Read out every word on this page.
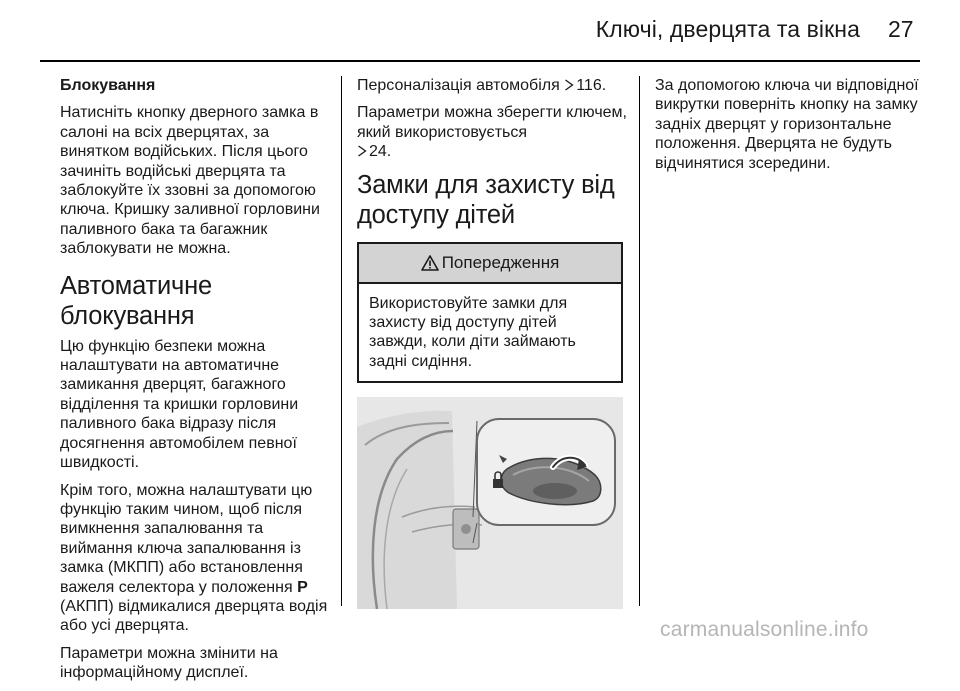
Ключі, дверцята та вікна 27

Блокування

Натисніть кнопку дверного замка в салоні на всіх дверцятах, за винятком водійських. Після цього зачиніть водійські дверцята та заблокуйте їх ззовні за допомогою ключа. Кришку заливної горловини паливного бака та багажник заблокувати не можна.

Автоматичне блокування

Цю функцію безпеки можна налаштувати на автоматичне замикання дверцят, багажного відділення та кришки горловини паливного бака відразу після досягнення автомобілем певної швидкості.

Крім того, можна налаштувати цю функцію таким чином, щоб після вимкнення запалювання та виймання ключа запалювання із замка (МКПП) або встановлення важеля селектора у положення P (АКПП) відмикалися дверцята водія або усі дверцята.

Параметри можна змінити на інформаційному дисплеї.

Персоналізація автомобіля 116.

Параметри можна зберегти ключем, який використовується
24.

Замки для захисту від доступу дітей
Попередження
Використовуйте замки для захисту від доступу дітей завжди, коли діти займають задні сидіння.

За допомогою ключа чи відповідної викрутки поверніть кнопку на замку задніх дверцят у горизонтальне положення. Дверцята не будуть відчинятися зсередини.

carmanualsonline.info
